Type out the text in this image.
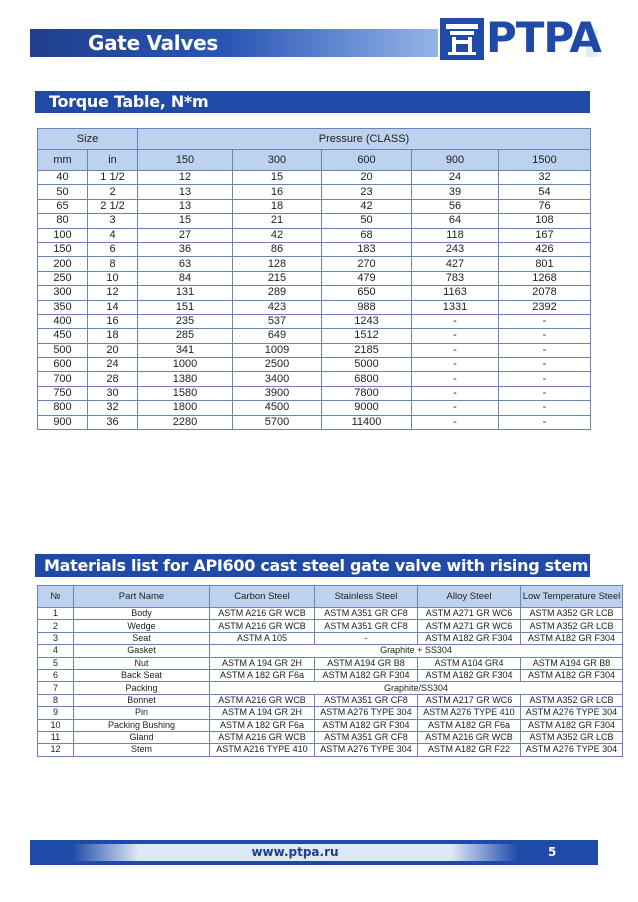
Gate Valves	PTPA
Torque Table, N*m
Size		Pressure (CLASS)				
mm	in	150	300	600	900	1500
40	1 1/2	12	15	20	24	32
50	2	13	16	23	39	54
65	2 1/2	13	18	42	56	76
80	3	15	21	50	64	108
100	4	27	42	68	118	167
150	6	36	86	183	243	426
200	8	63	128	270	427	801
250	10	84	215	479	783	1268
300	12	131	289	650	1163	2078
350	14	151	423	988	1331	2392
400	16	235	537	1243	-	-
450	18	285	649	1512	-	-
500	20	341	1009	2185	-	-
600	24	1000	2500	5000	-	-
700	28	1380	3400	6800	-	-
750	30	1580	3900	7800	-	-
800	32	1800	4500	9000	-	-
900	36	2280	5700	11400	-	-
Materials list for API600 cast steel gate valve with rising stem
№	Part Name	Carbon Steel	Stainless Steel	Alloy Steel	Low Temperature Steel
1	Body	ASTM A216 GR WCB	ASTM A351 GR CF8	ASTM A271 GR WC6	ASTM A352 GR LCB
2	Wedge	ASTM A216 GR WCB	ASTM A351 GR CF8	ASTM A271 GR WC6	ASTM A352 GR LCB
3	Seat	ASTM A 105	-	ASTM A182 GR F304	ASTM A182 GR F304
4	Gasket	Graphite + SS304			
5	Nut	ASTM A 194 GR 2H	ASTM A194 GR B8	ASTM A104 GR4	ASTM A194 GR B8
6	Back Seat	ASTM A 182 GR F6a	ASTM A182 GR F304	ASTM A182 GR F304	ASTM A182 GR F304
7	Packing	Graphite/SS304			
8	Bonnet	ASTM A216 GR WCB	ASTM A351 GR CF8	ASTM A217 GR WC6	ASTM A352 GR LCB
9	Pin	ASTM A 194 GR 2H	ASTM A276 TYPE 304	ASTM A276 TYPE 410	ASTM A276 TYPE 304
10	Packing Bushing	ASTM A 182 GR F6a	ASTM A182 GR F304	ASTM A182 GR F6a	ASTM A182 GR F304
11	Gland	ASTM A216 GR WCB	ASTM A351 GR CF8	ASTM A216 GR WCB	ASTM A352 GR LCB
12	Stem	ASTM A216 TYPE 410	ASTM A276 TYPE 304	ASTM A182 GR F22	ASTM A276 TYPE 304
www.ptpa.ru	5
